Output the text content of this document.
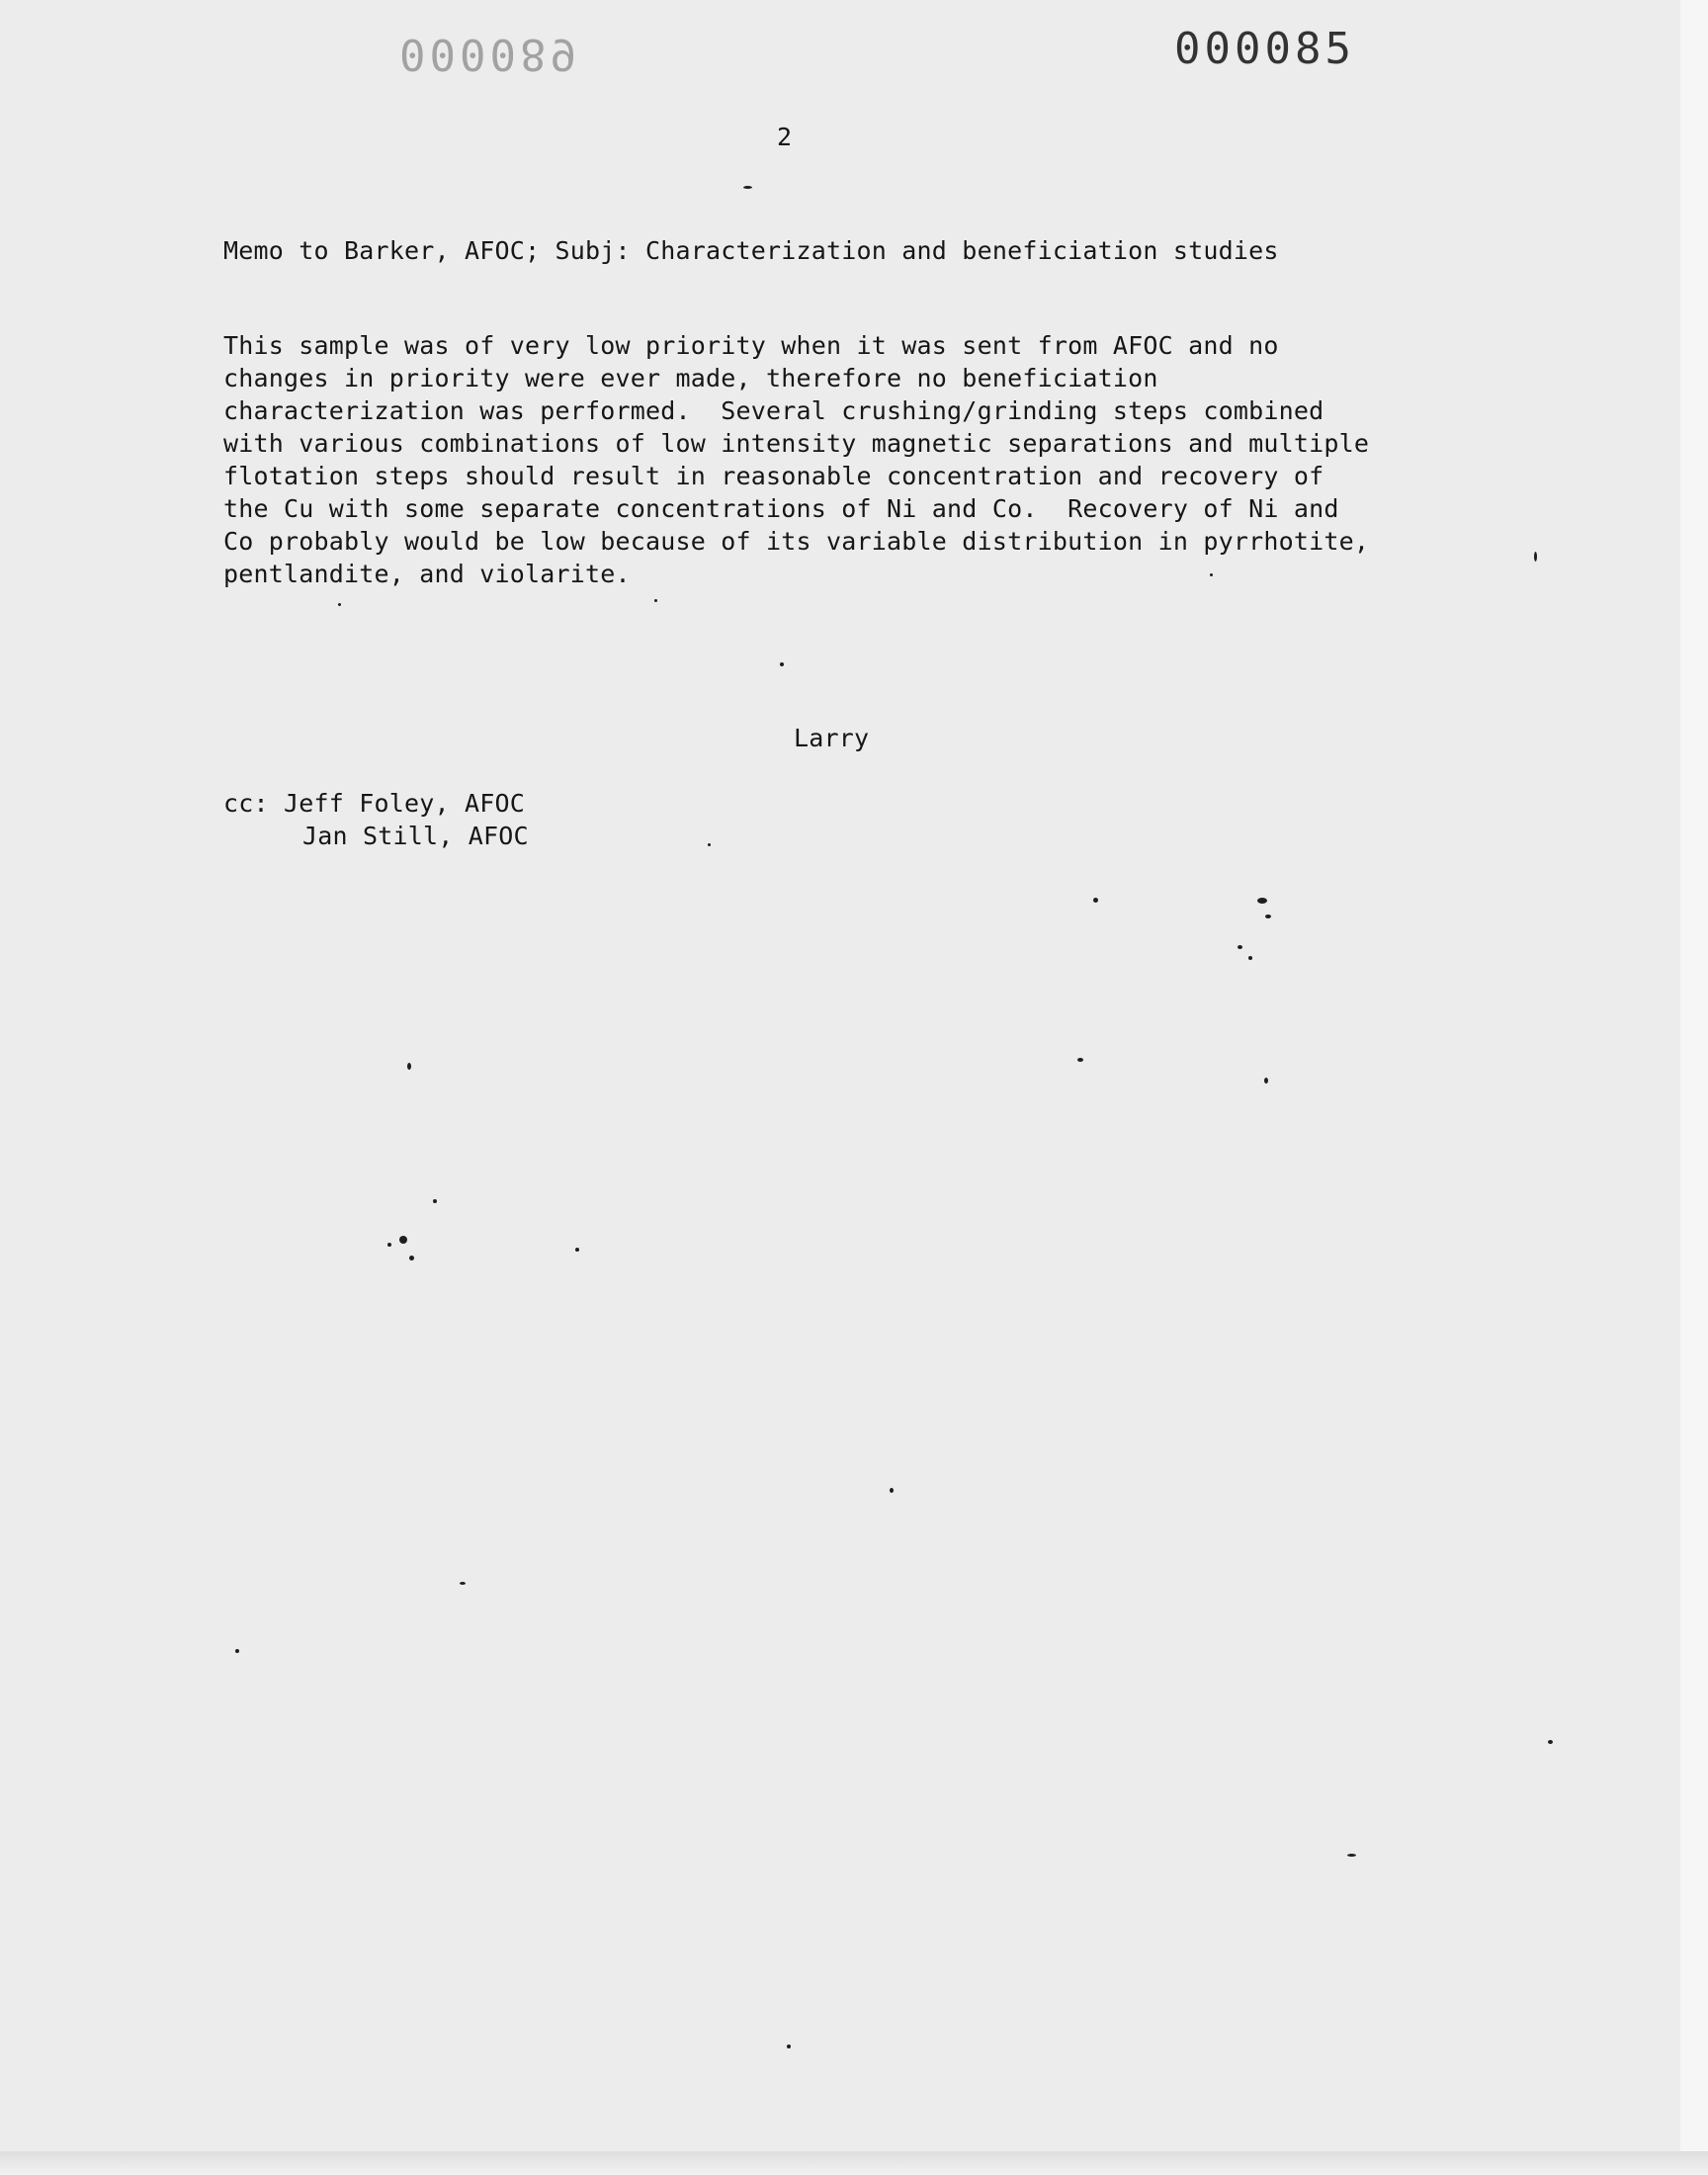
000089	000085
2
Memo to Barker, AFOC; Subj: Characterization and beneficiation studies
This sample was of very low priority when it was sent from AFOC and no
changes in priority were ever made, therefore no beneficiation
characterization was performed.  Several crushing/grinding steps combined
with various combinations of low intensity magnetic separations and multiple
flotation steps should result in reasonable concentration and recovery of
the Cu with some separate concentrations of Ni and Co.  Recovery of Ni and
Co probably would be low because of its variable distribution in pyrrhotite,
pentlandite, and violarite.
Larry
cc: Jeff Foley, AFOC
Jan Still, AFOC
